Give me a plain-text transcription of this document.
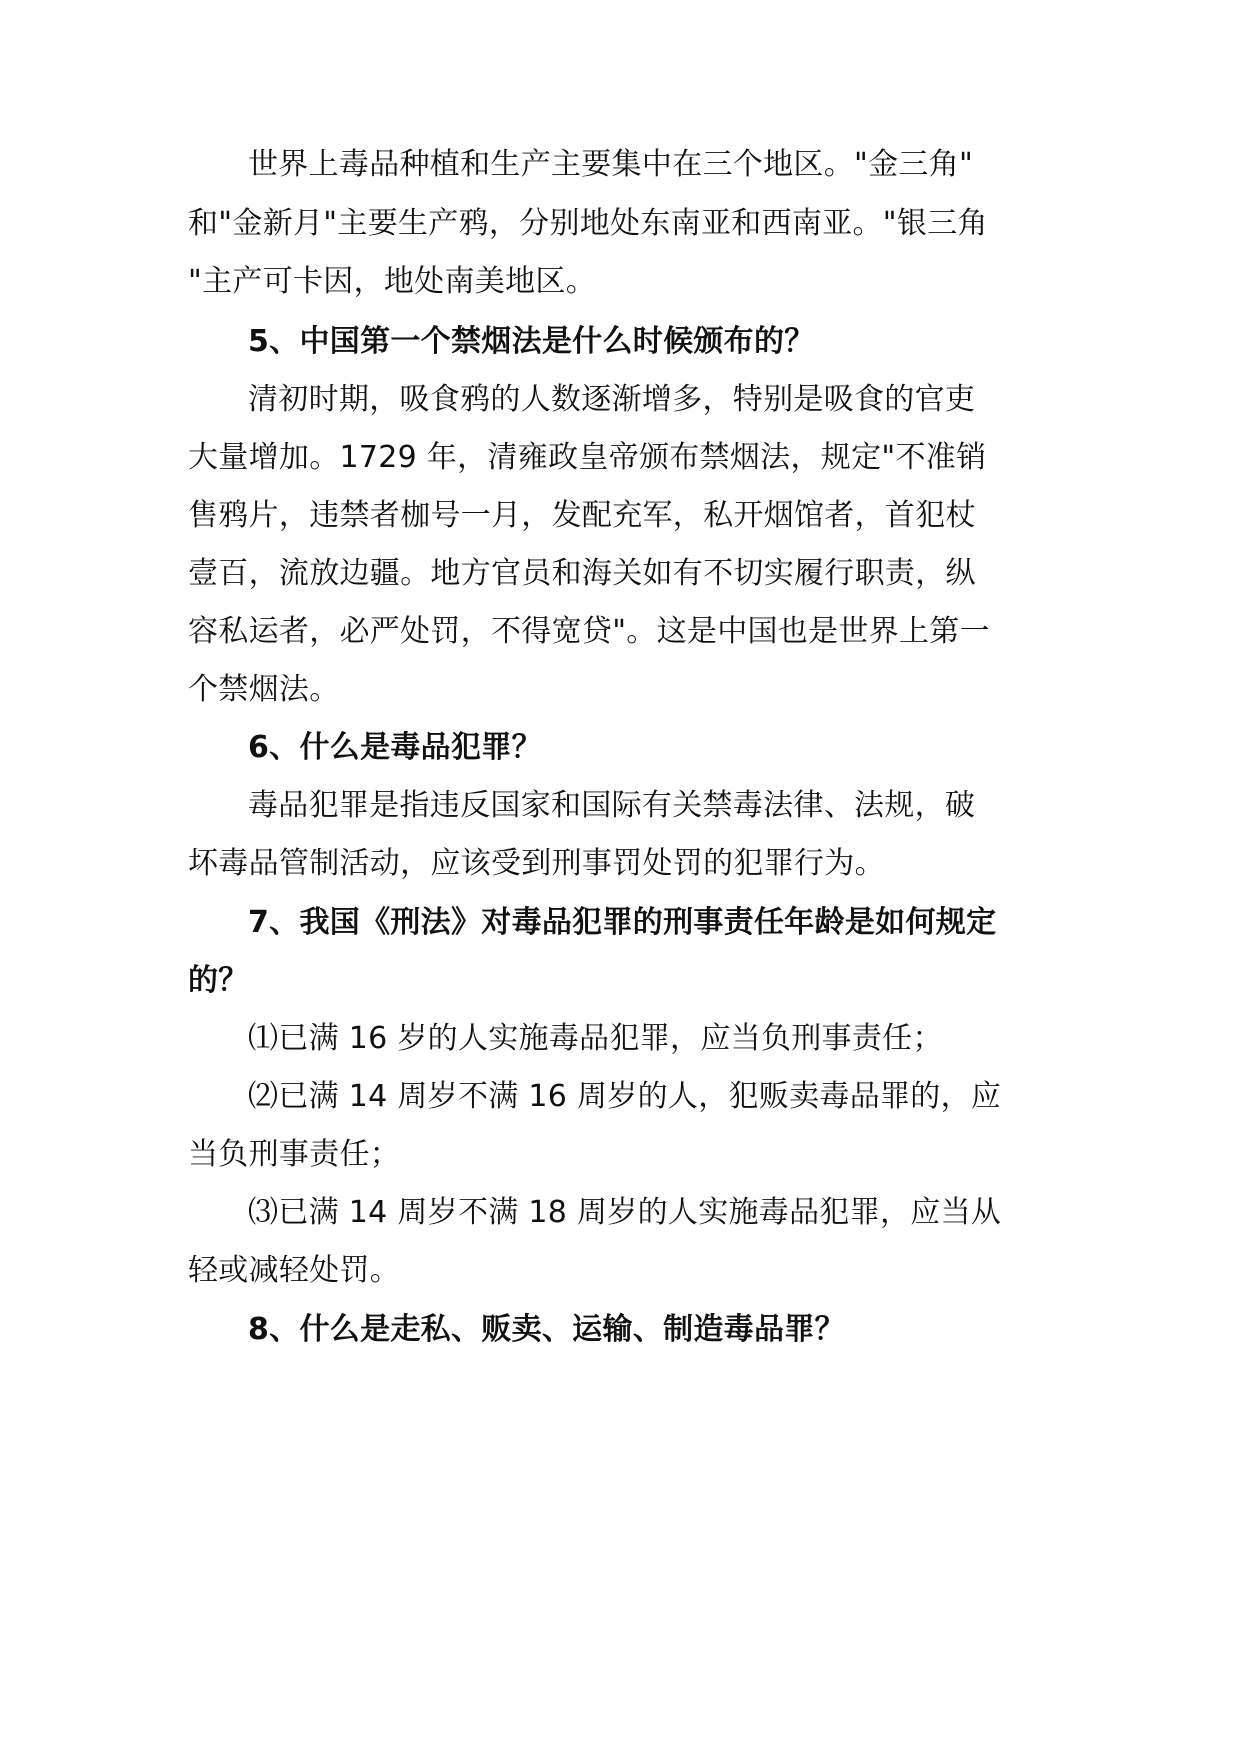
世界上毒品种植和生产主要集中在三个地区。"金三角"
和"金新月"主要生产鸦，分别地处东南亚和西南亚。"银三角
"主产可卡因，地处南美地区。
5、中国第一个禁烟法是什么时候颁布的？
清初时期，吸食鸦的人数逐渐增多，特别是吸食的官吏
大量增加。1729 年，清雍政皇帝颁布禁烟法，规定"不准销
售鸦片，违禁者枷号一月，发配充军，私开烟馆者，首犯杖
壹百，流放边疆。地方官员和海关如有不切实履行职责，纵
容私运者，必严处罚，不得宽贷"。这是中国也是世界上第一
个禁烟法。
6、什么是毒品犯罪？
毒品犯罪是指违反国家和国际有关禁毒法律、法规，破
坏毒品管制活动，应该受到刑事罚处罚的犯罪行为。
7、我国《刑法》对毒品犯罪的刑事责任年龄是如何规定
的？
⑴已满 16 岁的人实施毒品犯罪，应当负刑事责任；
⑵已满 14 周岁不满 16 周岁的人，犯贩卖毒品罪的，应
当负刑事责任；
⑶已满 14 周岁不满 18 周岁的人实施毒品犯罪，应当从
轻或减轻处罚。
8、什么是走私、贩卖、运输、制造毒品罪？
